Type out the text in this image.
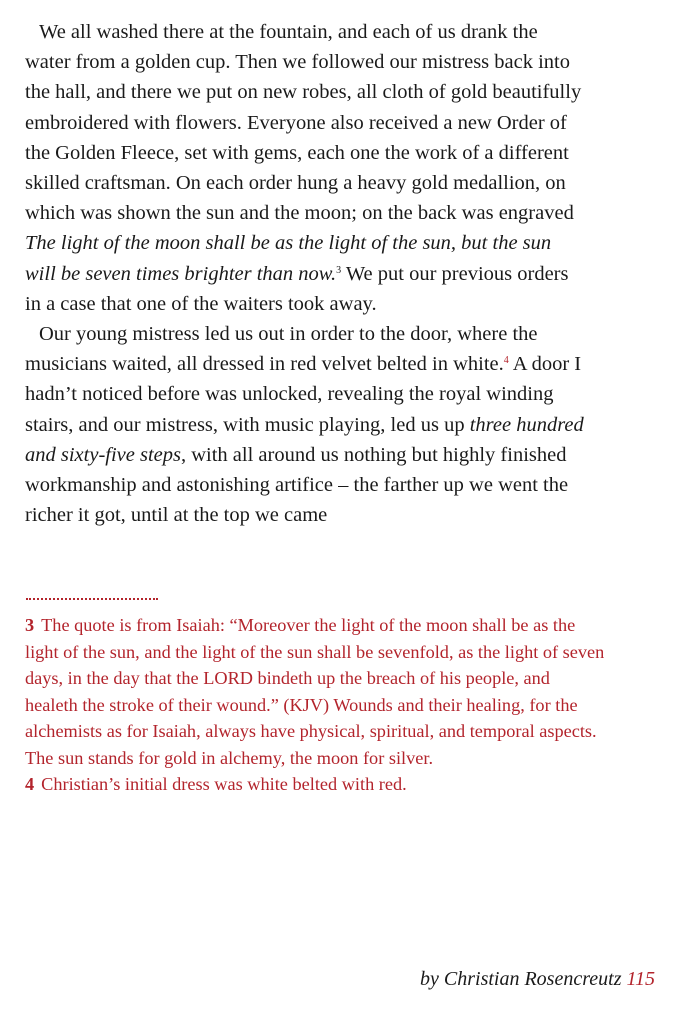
We all washed there at the fountain, and each of us drank the water from a golden cup. Then we followed our mistress back into the hall, and there we put on new robes, all cloth of gold beautifully embroidered with flowers. Everyone also received a new Order of the Golden Fleece, set with gems, each one the work of a different skilled craftsman. On each order hung a heavy gold medallion, on which was shown the sun and the moon; on the back was engraved The light of the moon shall be as the light of the sun, but the sun will be seven times brighter than now.$^3$ We put our previous orders in a case that one of the waiters took away.

Our young mistress led us out in order to the door, where the musicians waited, all dressed in red velvet belted in white.$^4$ A door I hadn’t noticed before was unlocked, revealing the royal winding stairs, and our mistress, with music playing, led us up three hundred and sixty-five steps, with all around us nothing but highly finished workmanship and astonishing artifice – the farther up we went the richer it got, until at the top we came

3 The quote is from Isaiah: “Moreover the light of the moon shall be as the light of the sun, and the light of the sun shall be sevenfold, as the light of seven days, in the day that the LORD bindeth up the breach of his people, and healeth the stroke of their wound.” (KJV) Wounds and their healing, for the alchemists as for Isaiah, always have physical, spiritual, and temporal aspects. The sun stands for gold in alchemy, the moon for silver.

4 Christian’s initial dress was white belted with red.

by Christian Rosencreutz 115
